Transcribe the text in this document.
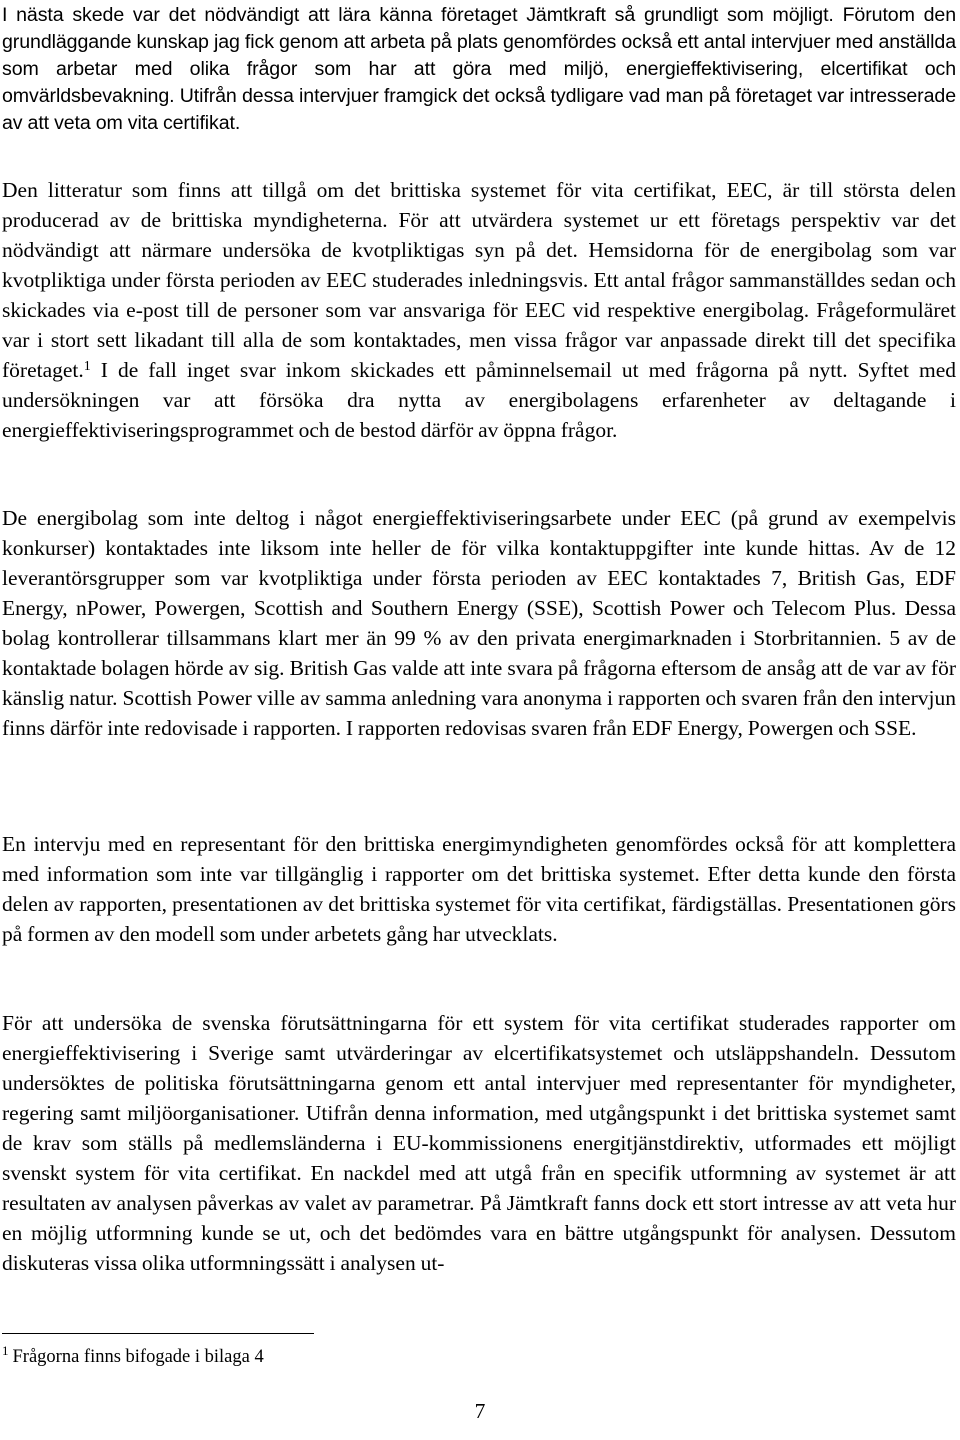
I nästa skede var det nödvändigt att lära känna företaget Jämtkraft så grundligt som möjligt. Förutom den grundläggande kunskap jag fick genom att arbeta på plats genomfördes också ett antal intervjuer med anställda som arbetar med olika frågor som har att göra med miljö, energieffektivisering, elcertifikat och omvärldsbevakning. Utifrån dessa intervjuer framgick det också tydligare vad man på företaget var intresserade av att veta om vita certifikat.

Den litteratur som finns att tillgå om det brittiska systemet för vita certifikat, EEC, är till största delen producerad av de brittiska myndigheterna. För att utvärdera systemet ur ett företags perspektiv var det nödvändigt att närmare undersöka de kvotpliktigas syn på det. Hemsidorna för de energibolag som var kvotpliktiga under första perioden av EEC studerades inledningsvis. Ett antal frågor sammanställdes sedan och skickades via e-post till de personer som var ansvariga för EEC vid respektive energibolag. Frågeformuläret var i stort sett likadant till alla de som kontaktades, men vissa frågor var anpassade direkt till det specifika företaget.$^1$ I de fall inget svar inkom skickades ett påminnelsemail ut med frågorna på nytt. Syftet med undersökningen var att försöka dra nytta av energibolagens erfarenheter av deltagande i energieffektiviseringsprogrammet och de bestod därför av öppna frågor.

De energibolag som inte deltog i något energieffektiviseringsarbete under EEC (på grund av exempelvis konkurser) kontaktades inte liksom inte heller de för vilka kontaktuppgifter inte kunde hittas. Av de 12 leverantörsgrupper som var kvotpliktiga under första perioden av EEC kontaktades 7, British Gas, EDF Energy, nPower, Powergen, Scottish and Southern Energy (SSE), Scottish Power och Telecom Plus. Dessa bolag kontrollerar tillsammans klart mer än 99 % av den privata energimarknaden i Storbritannien. 5 av de kontaktade bolagen hörde av sig. British Gas valde att inte svara på frågorna eftersom de ansåg att de var av för känslig natur. Scottish Power ville av samma anledning vara anonyma i rapporten och svaren från den intervjun finns därför inte redovisade i rapporten. I rapporten redovisas svaren från EDF Energy, Powergen och SSE.

En intervju med en representant för den brittiska energimyndigheten genomfördes också för att komplettera med information som inte var tillgänglig i rapporter om det brittiska systemet. Efter detta kunde den första delen av rapporten, presentationen av det brittiska systemet för vita certifikat, färdigställas. Presentationen görs på formen av den modell som under arbetets gång har utvecklats.

För att undersöka de svenska förutsättningarna för ett system för vita certifikat studerades rapporter om energieffektivisering i Sverige samt utvärderingar av elcertifikatsystemet och utsläppshandeln. Dessutom undersöktes de politiska förutsättningarna genom ett antal intervjuer med representanter för myndigheter, regering samt miljöorganisationer. Utifrån denna information, med utgångspunkt i det brittiska systemet samt de krav som ställs på medlemsländerna i EU-kommissionens energitjänstdirektiv, utformades ett möjligt svenskt system för vita certifikat. En nackdel med att utgå från en specifik utformning av systemet är att resultaten av analysen påverkas av valet av parametrar. På Jämtkraft fanns dock ett stort intresse av att veta hur en möjlig utformning kunde se ut, och det bedömdes vara en bättre utgångspunkt för analysen. Dessutom diskuteras vissa olika utformningssätt i analysen ut-

$^1$ Frågorna finns bifogade i bilaga 4

7
